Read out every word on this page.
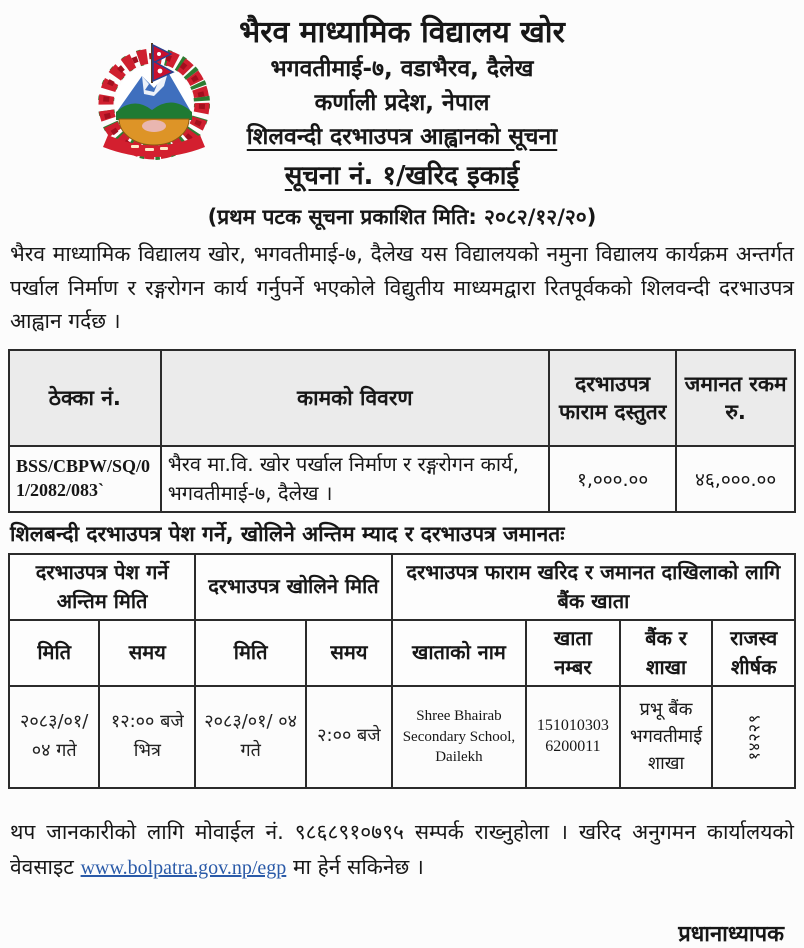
भैरव माध्यामिक विद्यालय खोर
भगवतीमाई-७, वडाभैरव, दैलेख
कर्णाली प्रदेश, नेपाल
शिलवन्दी दरभाउपत्र आह्वानको सूचना
सूचना नं. १/खरिद इकाई
(प्रथम पटक सूचना प्रकाशित मिति: २०८२/१२/२०)

भैरव माध्यामिक विद्यालय खोर, भगवतीमाई-७, दैलेख यस विद्यालयको नमुना विद्यालय कार्यक्रम अन्तर्गत पर्खाल निर्माण र रङ्गरोगन कार्य गर्नुपर्ने भएकोले विद्युतीय माध्यमद्वारा रितपूर्वकको शिलवन्दी दरभाउपत्र आह्वान गर्दछ ।

ठेक्का नं.	कामको विवरण	दरभाउपत्र फाराम दस्तुतर	जमानत रकम रु.
BSS/CBPW/SQ/01/2082/083`	भैरव मा.वि. खोर पर्खाल निर्माण र रङ्गरोगन कार्य, भगवतीमाई-७, दैलेख ।	१,०००.००	४६,०००.००
शिलबन्दी दरभाउपत्र पेश गर्ने, खोलिने अन्तिम म्याद र दरभाउपत्र जमानतः
दरभाउपत्र पेश गर्ने अन्तिम मिति		दरभाउपत्र खोलिने मिति		दरभाउपत्र फाराम खरिद र जमानत दाखिलाको लागि बैंक खाता			
मिति	समय	मिति	समय	खाताको नाम	खाता नम्बर	बैंक र शाखा	राजस्व शीर्षक
२०८३/०१/०४ गते	१२:०० बजे भित्र	२०८३/०१/ ०४ गते	२:०० बजे	Shree Bhairab Secondary School, Dailekh	1510103036200011	प्रभू बैंक भगवतीमाई शाखा	१४२२९

थप जानकारीको लागि मोवाईल नं. ९८६८९१०७९५ सम्पर्क राख्नुहोला । खरिद अनुगमन कार्यालयको वेवसाइट www.bolpatra.gov.np/egp मा हेर्न सकिनेछ ।

प्रधानाध्यापक
